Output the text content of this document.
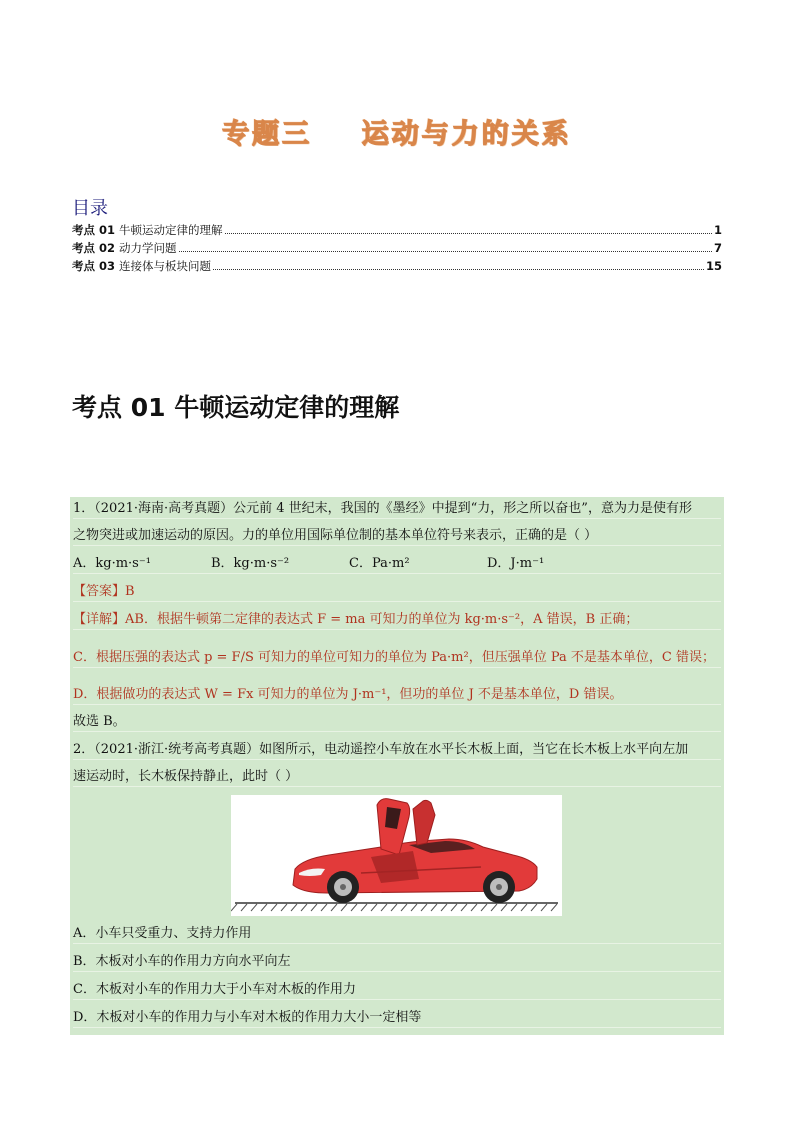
专题三    运动与力的关系
目录
考点 01 牛顿运动定律的理解	1
考点 02 动力学问题	7
考点 03 连接体与板块问题	15
考点 01 牛顿运动定律的理解
1．（2021·海南·高考真题）公元前 4 世纪末，我国的《墨经》中提到“力，形之所以奋也”，意为力是使有形
之物突进或加速运动的原因。力的单位用国际单位制的基本单位符号来表示，正确的是（ ）
A．kg·m·s⁻¹	B．kg·m·s⁻²	C．Pa·m²	D．J·m⁻¹
【答案】B
【详解】AB．根据牛顿第二定律的表达式 F = ma 可知力的单位为 kg·m·s⁻²，A 错误，B 正确；
C．根据压强的表达式 p = F/S 可知力的单位可知力的单位为 Pa·m²，但压强单位 Pa 不是基本单位，C 错误；
D．根据做功的表达式 W = Fx 可知力的单位为 J·m⁻¹，但功的单位 J 不是基本单位，D 错误。
故选 B。
2．（2021·浙江·统考高考真题）如图所示，电动遥控小车放在水平长木板上面，当它在长木板上水平向左加
速运动时，长木板保持静止，此时（ ）
A．小车只受重力、支持力作用
B．木板对小车的作用力方向水平向左
C．木板对小车的作用力大于小车对木板的作用力
D．木板对小车的作用力与小车对木板的作用力大小一定相等
